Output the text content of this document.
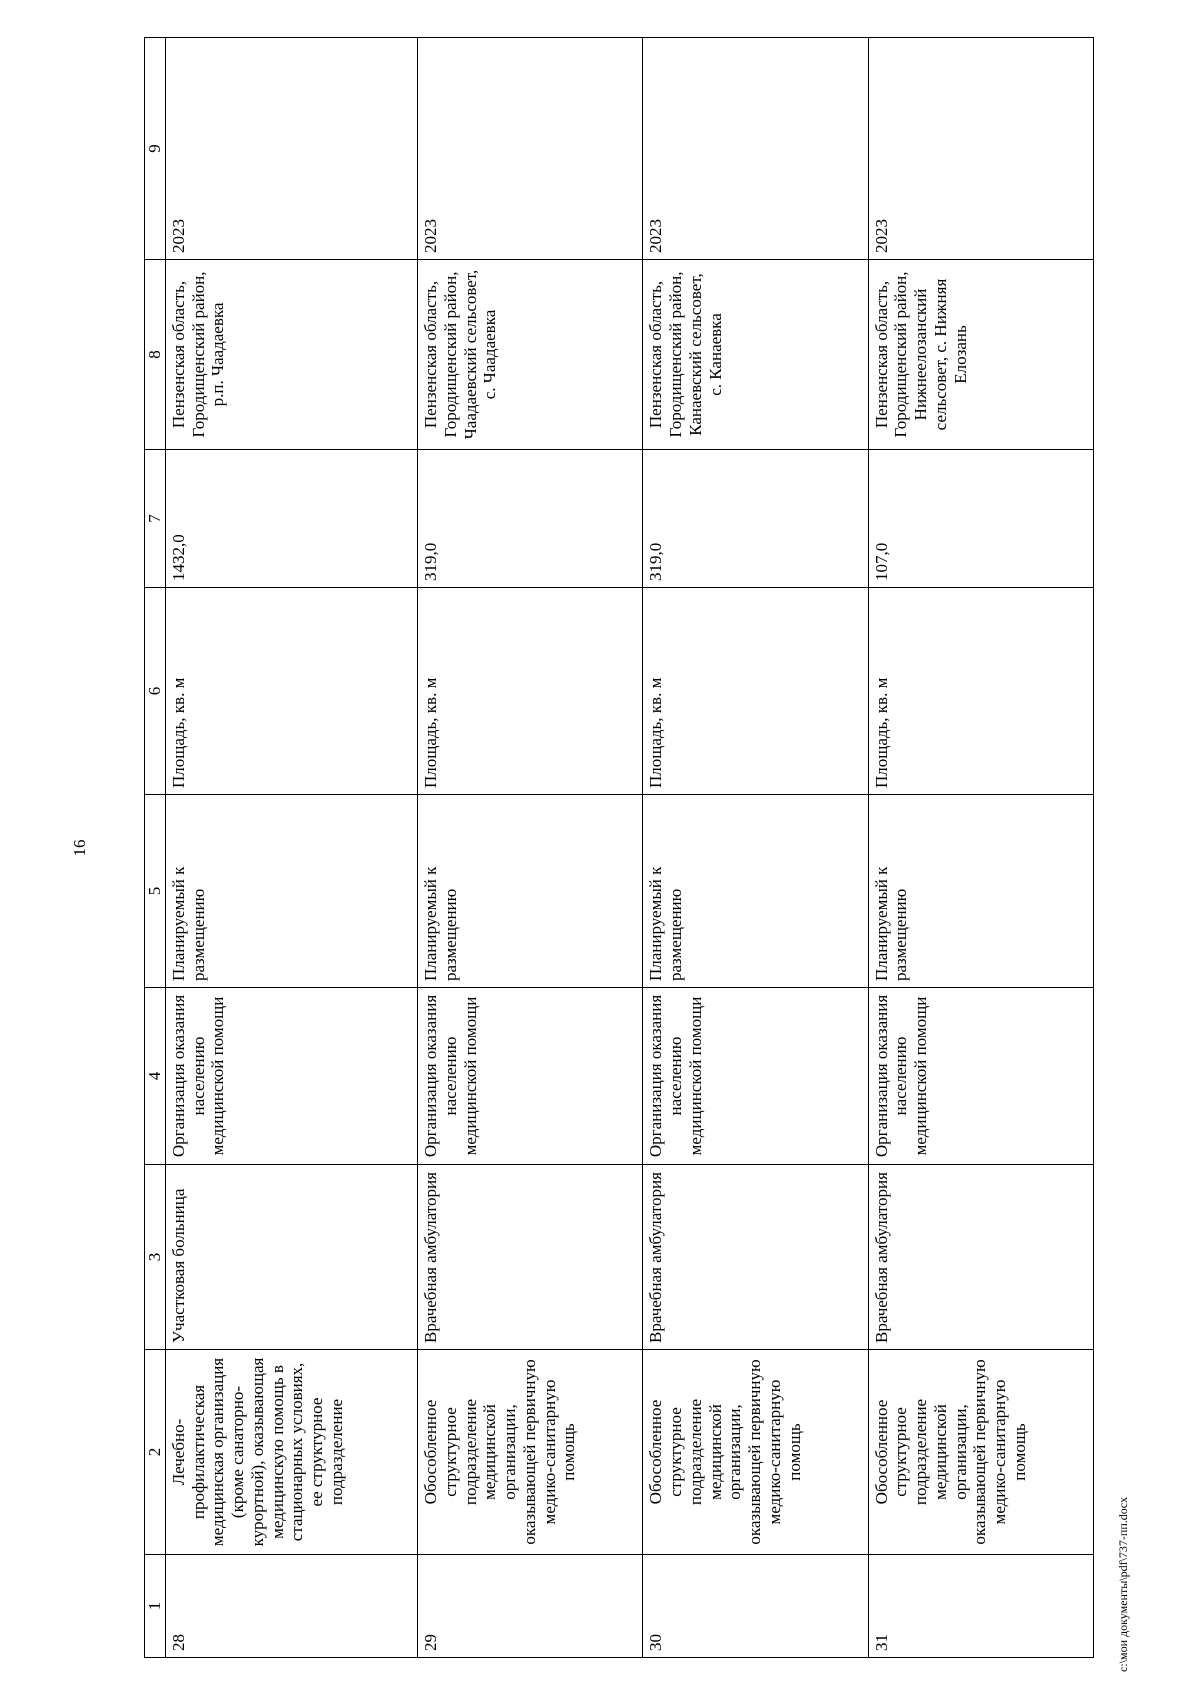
16
1	2	3	4	5	6	7	8	9
28	Лечебно-профилактическая медицинская организация (кроме санаторно-курортной), оказывающая медицинскую помощь в стационарных условиях, ее структурное подразделение	Участковая больница	Организация оказания населению медицинской помощи	Планируемый к размещению	Площадь, кв. м	1432,0	Пензенская область, Городищенский район, р.п. Чаадаевка	2023
29	Обособленное структурное подразделение медицинской организации, оказывающей первичную медико-санитарную помощь	Врачебная амбулатория	Организация оказания населению медицинской помощи	Планируемый к размещению	Площадь, кв. м	319,0	Пензенская область, Городищенский район, Чаадаевский сельсовет, с. Чаадаевка	2023
30	Обособленное структурное подразделение медицинской организации, оказывающей первичную медико-санитарную помощь	Врачебная амбулатория	Организация оказания населению медицинской помощи	Планируемый к размещению	Площадь, кв. м	319,0	Пензенская область, Городищенский район, Канаевский сельсовет, с. Канаевка	2023
31	Обособленное структурное подразделение медицинской организации, оказывающей первичную медико-санитарную помощь	Врачебная амбулатория	Организация оказания населению медицинской помощи	Планируемый к размещению	Площадь, кв. м	107,0	Пензенская область, Городищенский район, Нижнеелозанский сельсовет, с. Нижняя Елозань	2023
c:\мои документы\pdf\737-пп.docx
